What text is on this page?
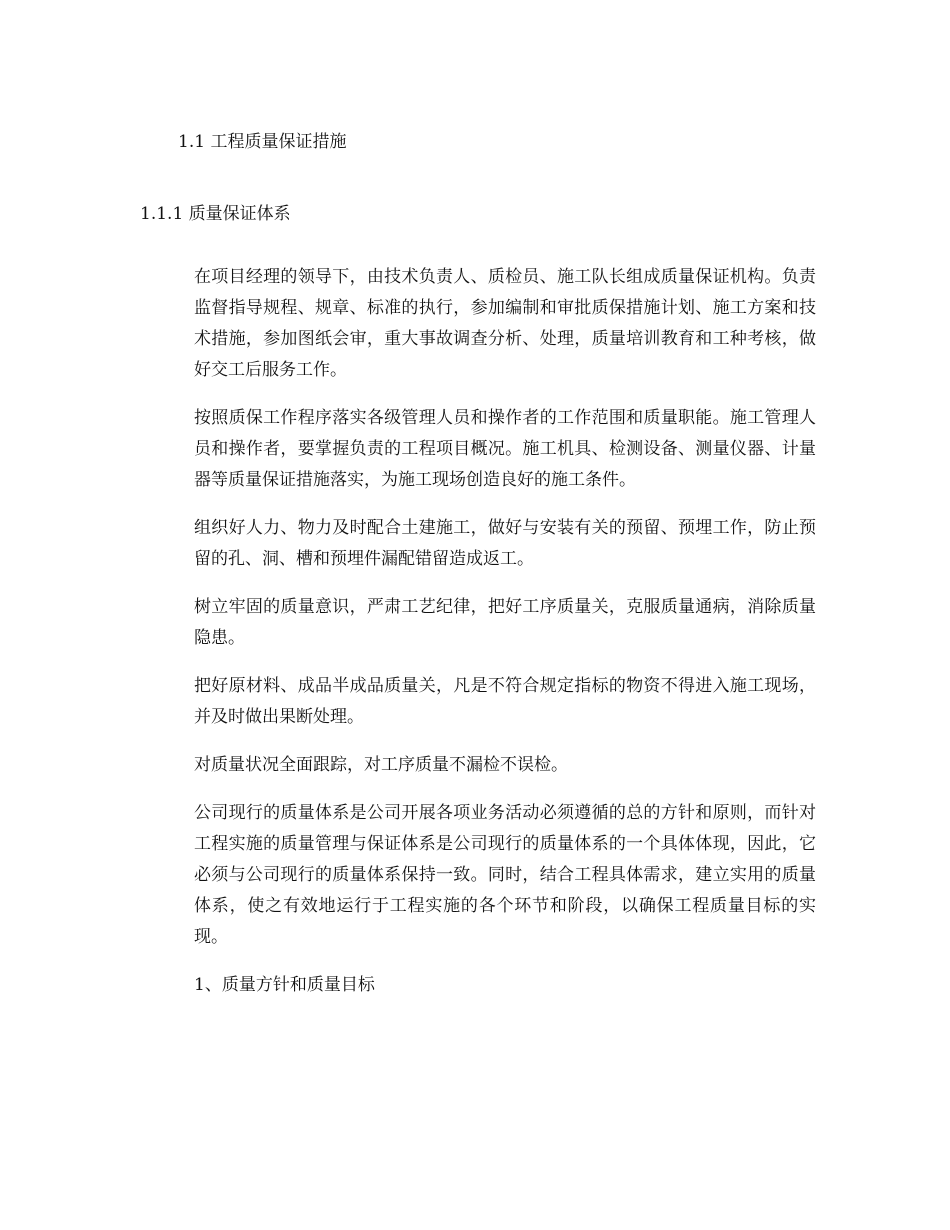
1.1 工程质量保证措施
1.1.1 质量保证体系

在项目经理的领导下，由技术负责人、质检员、施工队长组成质量保证机构。负责监督指导规程、规章、标准的执行，参加编制和审批质保措施计划、施工方案和技术措施，参加图纸会审，重大事故调查分析、处理，质量培训教育和工种考核，做好交工后服务工作。

按照质保工作程序落实各级管理人员和操作者的工作范围和质量职能。施工管理人员和操作者，要掌握负责的工程项目概况。施工机具、检测设备、测量仪器、计量器等质量保证措施落实，为施工现场创造良好的施工条件。

组织好人力、物力及时配合土建施工，做好与安装有关的预留、预埋工作，防止预留的孔、洞、槽和预埋件漏配错留造成返工。

树立牢固的质量意识，严肃工艺纪律，把好工序质量关，克服质量通病，消除质量隐患。

把好原材料、成品半成品质量关，凡是不符合规定指标的物资不得进入施工现场，并及时做出果断处理。

对质量状况全面跟踪，对工序质量不漏检不误检。

公司现行的质量体系是公司开展各项业务活动必须遵循的总的方针和原则，而针对工程实施的质量管理与保证体系是公司现行的质量体系的一个具体体现，因此，它必须与公司现行的质量体系保持一致。同时，结合工程具体需求，建立实用的质量体系，使之有效地运行于工程实施的各个环节和阶段，以确保工程质量目标的实现。

1、质量方针和质量目标
